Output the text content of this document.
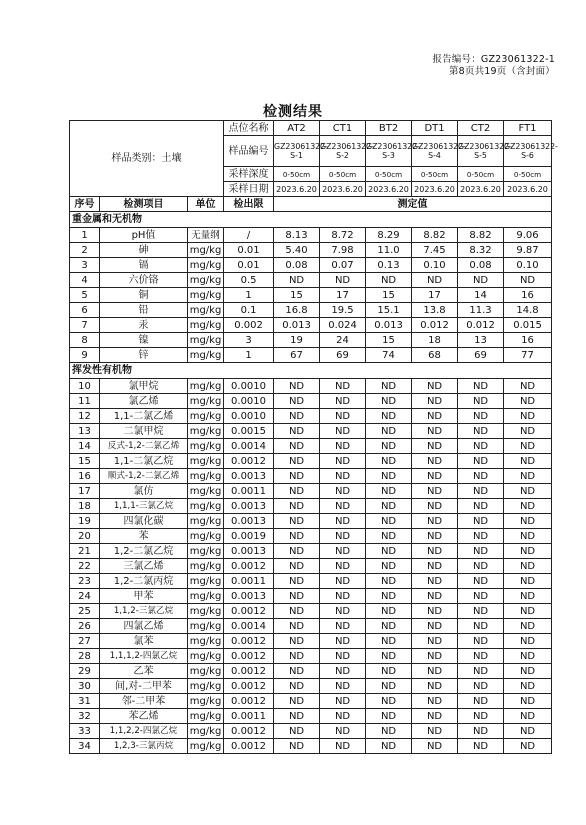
报告编号：GZ23061322-1
第8页共19页（含封面）
检测结果
样品类别：土壤			点位名称	AT2	CT1	BT2	DT1	CT2	FT1
			样品编号	GZ23061322-S-1	GZ23061322-S-2	GZ23061322-S-3	GZ23061322-S-4	GZ23061322-S-5	GZ23061322-S-6
			采样深度	0-50cm	0-50cm	0-50cm	0-50cm	0-50cm	0-50cm
			采样日期	2023.6.20	2023.6.20	2023.6.20	2023.6.20	2023.6.20	2023.6.20
序号	检测项目	单位	检出限	测定值					
重金属和无机物									
1	pH值	无量纲	/	8.13	8.72	8.29	8.82	8.82	9.06
2	砷	mg/kg	0.01	5.40	7.98	11.0	7.45	8.32	9.87
3	镉	mg/kg	0.01	0.08	0.07	0.13	0.10	0.08	0.10
4	六价铬	mg/kg	0.5	ND	ND	ND	ND	ND	ND
5	铜	mg/kg	1	15	17	15	17	14	16
6	铅	mg/kg	0.1	16.8	19.5	15.1	13.8	11.3	14.8
7	汞	mg/kg	0.002	0.013	0.024	0.013	0.012	0.012	0.015
8	镍	mg/kg	3	19	24	15	18	13	16
9	锌	mg/kg	1	67	69	74	68	69	77
挥发性有机物									
10	氯甲烷	mg/kg	0.0010	ND	ND	ND	ND	ND	ND
11	氯乙烯	mg/kg	0.0010	ND	ND	ND	ND	ND	ND
12	1,1-二氯乙烯	mg/kg	0.0010	ND	ND	ND	ND	ND	ND
13	二氯甲烷	mg/kg	0.0015	ND	ND	ND	ND	ND	ND
14	反式-1,2-二氯乙烯	mg/kg	0.0014	ND	ND	ND	ND	ND	ND
15	1,1-二氯乙烷	mg/kg	0.0012	ND	ND	ND	ND	ND	ND
16	顺式-1,2-二氯乙烯	mg/kg	0.0013	ND	ND	ND	ND	ND	ND
17	氯仿	mg/kg	0.0011	ND	ND	ND	ND	ND	ND
18	1,1,1-三氯乙烷	mg/kg	0.0013	ND	ND	ND	ND	ND	ND
19	四氯化碳	mg/kg	0.0013	ND	ND	ND	ND	ND	ND
20	苯	mg/kg	0.0019	ND	ND	ND	ND	ND	ND
21	1,2-二氯乙烷	mg/kg	0.0013	ND	ND	ND	ND	ND	ND
22	三氯乙烯	mg/kg	0.0012	ND	ND	ND	ND	ND	ND
23	1,2-二氯丙烷	mg/kg	0.0011	ND	ND	ND	ND	ND	ND
24	甲苯	mg/kg	0.0013	ND	ND	ND	ND	ND	ND
25	1,1,2-三氯乙烷	mg/kg	0.0012	ND	ND	ND	ND	ND	ND
26	四氯乙烯	mg/kg	0.0014	ND	ND	ND	ND	ND	ND
27	氯苯	mg/kg	0.0012	ND	ND	ND	ND	ND	ND
28	1,1,1,2-四氯乙烷	mg/kg	0.0012	ND	ND	ND	ND	ND	ND
29	乙苯	mg/kg	0.0012	ND	ND	ND	ND	ND	ND
30	间,对-二甲苯	mg/kg	0.0012	ND	ND	ND	ND	ND	ND
31	邻-二甲苯	mg/kg	0.0012	ND	ND	ND	ND	ND	ND
32	苯乙烯	mg/kg	0.0011	ND	ND	ND	ND	ND	ND
33	1,1,2,2-四氯乙烷	mg/kg	0.0012	ND	ND	ND	ND	ND	ND
34	1,2,3-三氯丙烷	mg/kg	0.0012	ND	ND	ND	ND	ND	ND
